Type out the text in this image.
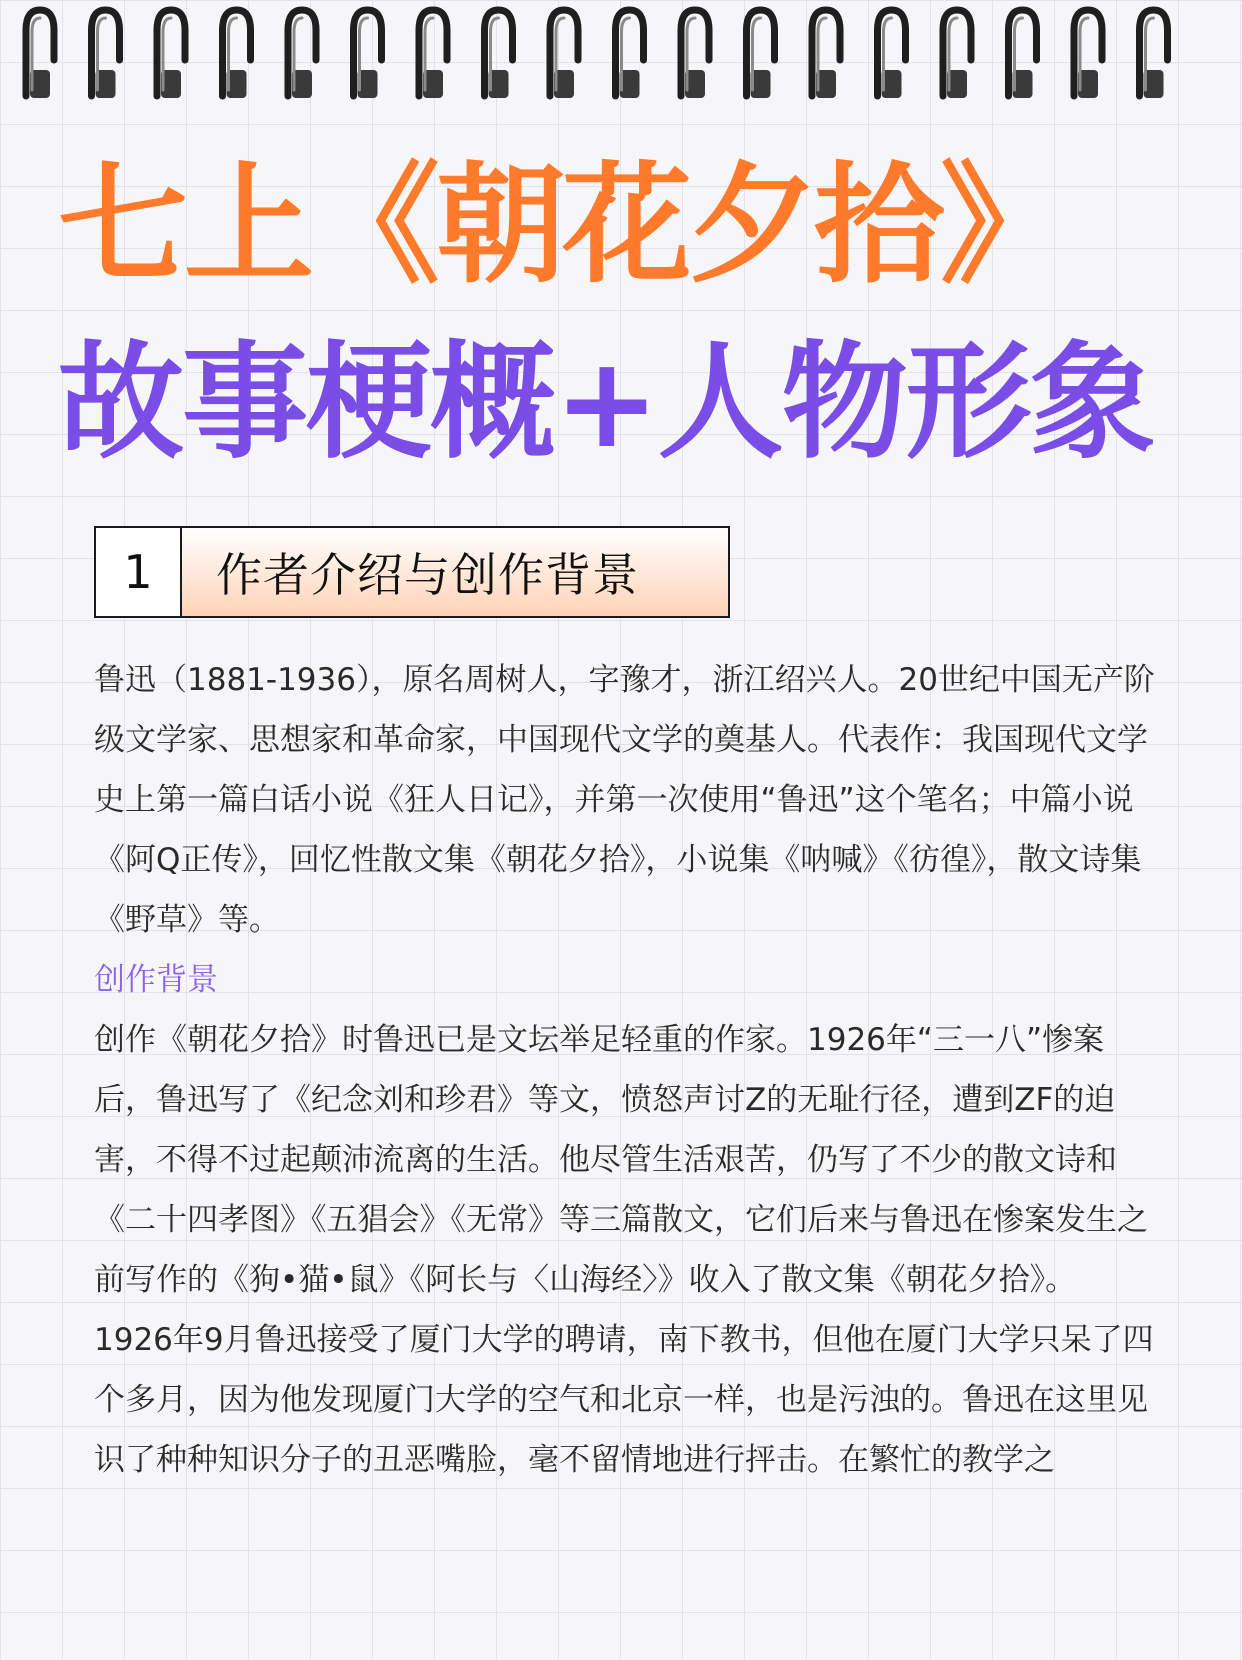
七上《朝花夕拾》
故事梗概+人物形象
1	作者介绍与创作背景

鲁迅（1881-1936），原名周树人，字豫才，浙江绍兴人。20世纪中国无产阶级文学家、思想家和革命家，中国现代文学的奠基人。代表作：我国现代文学史上第一篇白话小说《狂人日记》，并第一次使用“鲁迅”这个笔名；中篇小说《阿Q正传》，回忆性散文集《朝花夕拾》，小说集《呐喊》《彷徨》，散文诗集《野草》等。

创作背景

创作《朝花夕拾》时鲁迅已是文坛举足轻重的作家。1926年“三一八”惨案后，鲁迅写了《纪念刘和珍君》等文，愤怒声讨Z的无耻行径，遭到ZF的迫害，不得不过起颠沛流离的生活。他尽管生活艰苦，仍写了不少的散文诗和《二十四孝图》《五猖会》《无常》等三篇散文，它们后来与鲁迅在惨案发生之前写作的《狗•猫•鼠》《阿长与〈山海经〉》收入了散文集《朝花夕拾》。

1926年9月鲁迅接受了厦门大学的聘请，南下教书，但他在厦门大学只呆了四个多月，因为他发现厦门大学的空气和北京一样，也是污浊的。鲁迅在这里见识了种种知识分子的丑恶嘴脸，毫不留情地进行抨击。在繁忙的教学之
